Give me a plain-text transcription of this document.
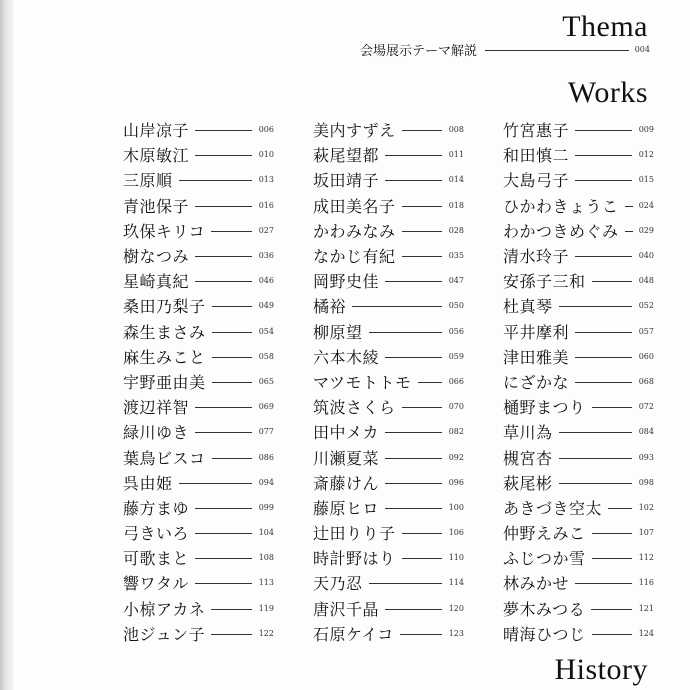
Thema
会場展示テーマ解説	004
Works
山岸凉子	006
木原敏江	010
三原順	013
青池保子	016
玖保キリコ	027
樹なつみ	036
星崎真紀	046
桑田乃梨子	049
森生まさみ	054
麻生みこと	058
宇野亜由美	065
渡辺祥智	069
緑川ゆき	077
葉鳥ビスコ	086
呉由姫	094
藤方まゆ	099
弓きいろ	104
可歌まと	108
響ワタル	113
小椋アカネ	119
池ジュン子	122
美内すずえ	008
萩尾望都	011
坂田靖子	014
成田美名子	018
かわみなみ	028
なかじ有紀	035
岡野史佳	047
橘裕	050
柳原望	056
六本木綾	059
マツモトトモ	066
筑波さくら	070
田中メカ	082
川瀬夏菜	092
斎藤けん	096
藤原ヒロ	100
辻田りり子	106
時計野はり	110
天乃忍	114
唐沢千晶	120
石原ケイコ	123
竹宮惠子	009
和田慎二	012
大島弓子	015
ひかわきょうこ	024
わかつきめぐみ	029
清水玲子	040
安孫子三和	048
杜真琴	052
平井摩利	057
津田雅美	060
にざかな	068
樋野まつり	072
草川為	084
槻宮杏	093
萩尾彬	098
あきづき空太	102
仲野えみこ	107
ふじつか雪	112
林みかせ	116
夢木みつる	121
晴海ひつじ	124
History
